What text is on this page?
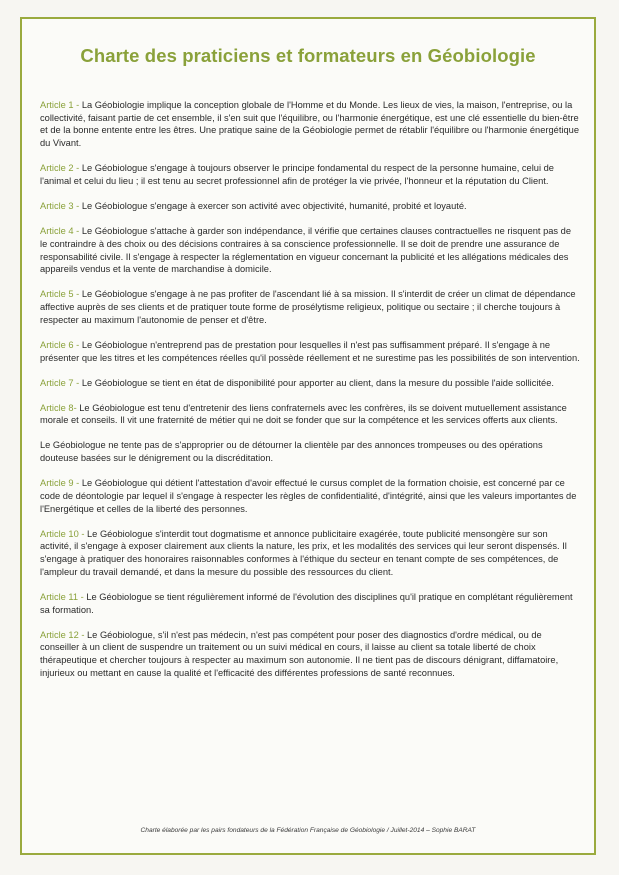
Charte des praticiens et formateurs en Géobiologie

Article 1 - La Géobiologie implique la conception globale de l'Homme et du Monde. Les lieux de vies, la maison, l'entreprise, ou la collectivité, faisant partie de cet ensemble, il s'en suit que l'équilibre, ou l'harmonie énergétique, est une clé essentielle du bien-être et de la bonne entente entre les êtres. Une pratique saine de la Géobiologie permet de rétablir l'équilibre ou l'harmonie énergétique du Vivant.

Article 2 - Le Géobiologue s'engage à toujours observer le principe fondamental du respect de la personne humaine, celui de l'animal et celui du lieu ; il est tenu au secret professionnel afin de protéger la vie privée, l'honneur et la réputation du Client.

Article 3 - Le Géobiologue s'engage à exercer son activité avec objectivité, humanité, probité et loyauté.

Article 4 - Le Géobiologue s'attache à garder son indépendance, il vérifie que certaines clauses contractuelles ne risquent pas de le contraindre à des choix ou des décisions contraires à sa conscience professionnelle. Il se doit de prendre une assurance de responsabilité civile. Il s'engage à respecter la réglementation en vigueur concernant la publicité et les allégations médicales des appareils vendus et la vente de marchandise à domicile.

Article 5 - Le Géobiologue s'engage à ne pas profiter de l'ascendant lié à sa mission. Il s'interdit de créer un climat de dépendance affective auprès de ses clients et de pratiquer toute forme de prosélytisme religieux, politique ou sectaire ; il cherche toujours à respecter au maximum l'autonomie de penser et d'être.

Article 6 - Le Géobiologue n'entreprend pas de prestation pour lesquelles il n'est pas suffisamment préparé. Il s'engage à ne présenter que les titres et les compétences réelles qu'il possède réellement et ne surestime pas les possibilités de son intervention.

Article 7 - Le Géobiologue se tient en état de disponibilité pour apporter au client, dans la mesure du possible l'aide sollicitée.

Article 8- Le Géobiologue est tenu d'entretenir des liens confraternels avec les confrères, ils se doivent mutuellement assistance morale et conseils. Il vit une fraternité de métier qui ne doit se fonder que sur la compétence et les services offerts aux clients.

Le Géobiologue ne tente pas de s'approprier ou de détourner la clientèle par des annonces trompeuses ou des opérations douteuse basées sur le dénigrement ou la discréditation.

Article 9 - Le Géobiologue qui détient l'attestation d'avoir effectué le cursus complet de la formation choisie, est concerné par ce code de déontologie par lequel il s'engage à respecter les règles de confidentialité, d'intégrité, ainsi que les valeurs importantes de l'Energétique et celles de la liberté des personnes.

Article 10 - Le Géobiologue s'interdit tout dogmatisme et annonce publicitaire exagérée, toute publicité mensongère sur son activité, il s'engage à exposer clairement aux clients la nature, les prix, et les modalités des services qui leur seront dispensés. Il s'engage à pratiquer des honoraires raisonnables conformes à l'éthique du secteur en tenant compte de ses compétences, de l'ampleur du travail demandé, et dans la mesure du possible des ressources du client.

Article 11 - Le Géobiologue se tient régulièrement informé de l'évolution des disciplines qu'il pratique en complétant régulièrement sa formation.

Article 12 - Le Géobiologue, s'il n'est pas médecin, n'est pas compétent pour poser des diagnostics d'ordre médical, ou de conseiller à un client de suspendre un traitement ou un suivi médical en cours, il laisse au client sa totale liberté de choix thérapeutique et chercher toujours à respecter au maximum son autonomie. Il ne tient pas de discours dénigrant, diffamatoire, injurieux ou mettant en cause la qualité et l'efficacité des différentes professions de santé reconnues.

Charte élaborée par les pairs fondateurs de la Fédération Française de Géobiologie / Juillet-2014 – Sophie BARAT
